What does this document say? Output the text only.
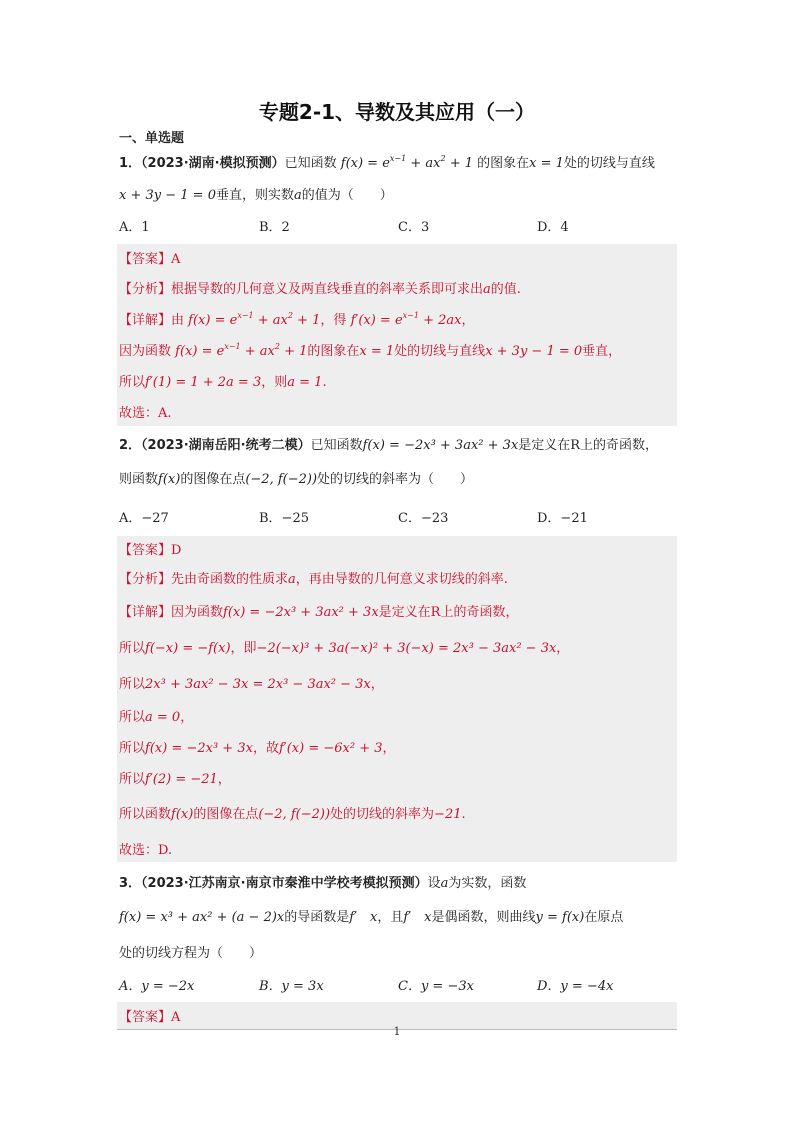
专题2-1、导数及其应用（一）
一、单选题
1．（2023·湖南·模拟预测）已知函数 $f(x) = e^{x-1} + ax^2 + 1$ 的图象在x = 1处的切线与直线
x + 3y − 1 = 0垂直，则实数a的值为（　　）
A．1	B．2	C．3	D．4
【答案】A
【分析】根据导数的几何意义及两直线垂直的斜率关系即可求出a的值.
【详解】由 $f(x) = e^{x-1} + ax^2 + 1$，得 $f'(x) = e^{x-1} + 2ax$，
因为函数 $f(x) = e^{x-1} + ax^2 + 1$的图象在x = 1处的切线与直线x + 3y − 1 = 0垂直，
所以f′(1) = 1 + 2a = 3，则a = 1.
故选：A.
2．（2023·湖南岳阳·统考二模）已知函数f(x) = −2x³ + 3ax² + 3x是定义在R上的奇函数，
则函数f(x)的图像在点(−2, f(−2))处的切线的斜率为（　　）
A．−27	B．−25	C．−23	D．−21
【答案】D
【分析】先由奇函数的性质求a，再由导数的几何意义求切线的斜率.
【详解】因为函数f(x) = −2x³ + 3ax² + 3x是定义在R上的奇函数，
所以f(−x) = −f(x)，即−2(−x)³ + 3a(−x)² + 3(−x) = 2x³ − 3ax² − 3x，
所以2x³ + 3ax² − 3x = 2x³ − 3ax² − 3x，
所以a = 0，
所以f(x) = −2x³ + 3x，故f′(x) = −6x² + 3，
所以f′(2) = −21，
所以函数f(x)的图像在点(−2, f(−2))处的切线的斜率为−21.
故选：D.
3．（2023·江苏南京·南京市秦淮中学校考模拟预测）设a为实数，函数
f(x) = x³ + ax² + (a − 2)x的导函数是f′　x，且f′　x是偶函数，则曲线y = f(x)在原点
处的切线方程为（　　）
A．y = −2x	B．y = 3x	C．y = −3x	D．y = −4x
【答案】A
1
